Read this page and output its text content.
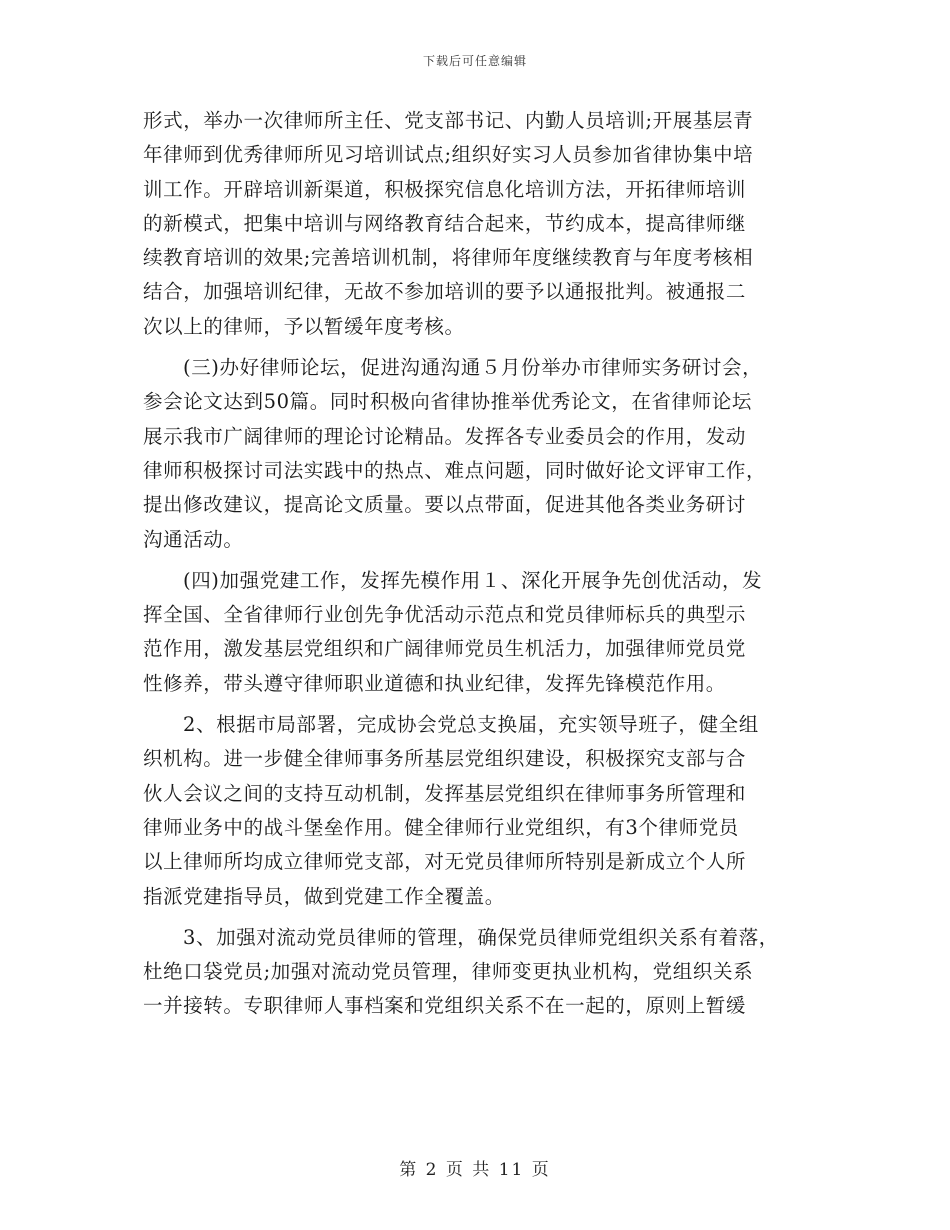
下载后可任意编辑
形式，举办一次律师所主任、党支部书记、内勤人员培训;开展基层青
年律师到优秀律师所见习培训试点;组织好实习人员参加省律协集中培
训工作。开辟培训新渠道，积极探究信息化培训方法，开拓律师培训
的新模式，把集中培训与网络教育结合起来，节约成本，提高律师继
续教育培训的效果;完善培训机制，将律师年度继续教育与年度考核相
结合，加强培训纪律，无故不参加培训的要予以通报批判。被通报二
次以上的律师，予以暂缓年度考核。
(三)办好律师论坛，促进沟通沟通５月份举办市律师实务研讨会，
参会论文达到50篇。同时积极向省律协推举优秀论文，在省律师论坛
展示我市广阔律师的理论讨论精品。发挥各专业委员会的作用，发动
律师积极探讨司法实践中的热点、难点问题，同时做好论文评审工作，
提出修改建议，提高论文质量。要以点带面，促进其他各类业务研讨
沟通活动。
(四)加强党建工作，发挥先模作用１、深化开展争先创优活动，发
挥全国、全省律师行业创先争优活动示范点和党员律师标兵的典型示
范作用，激发基层党组织和广阔律师党员生机活力，加强律师党员党
性修养，带头遵守律师职业道德和执业纪律，发挥先锋模范作用。
2、根据市局部署，完成协会党总支换届，充实领导班子，健全组
织机构。进一步健全律师事务所基层党组织建设，积极探究支部与合
伙人会议之间的支持互动机制，发挥基层党组织在律师事务所管理和
律师业务中的战斗堡垒作用。健全律师行业党组织，有3个律师党员
以上律师所均成立律师党支部，对无党员律师所特别是新成立个人所
指派党建指导员，做到党建工作全覆盖。
3、加强对流动党员律师的管理，确保党员律师党组织关系有着落，
杜绝口袋党员;加强对流动党员管理，律师变更执业机构，党组织关系
一并接转。专职律师人事档案和党组织关系不在一起的，原则上暂缓
第 2 页 共 11 页
